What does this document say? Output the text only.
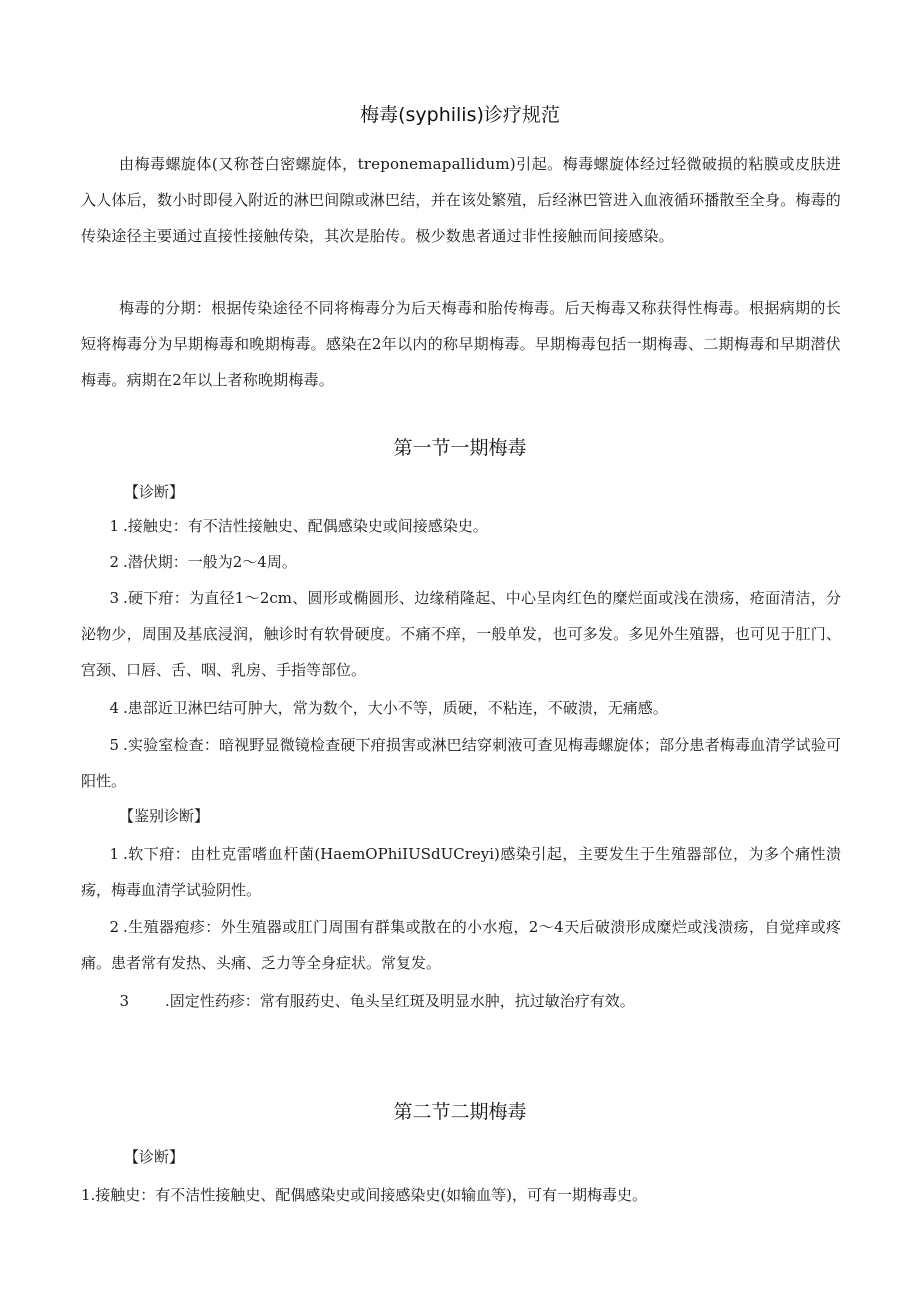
梅毒(syphilis)诊疗规范

由梅毒螺旋体(又称苍白密螺旋体，treponemapallidum)引起。梅毒螺旋体经过轻微破损的粘膜或皮肤进入人体后，数小时即侵入附近的淋巴间隙或淋巴结，并在该处繁殖，后经淋巴管进入血液循环播散至全身。梅毒的传染途径主要通过直接性接触传染，其次是胎传。极少数患者通过非性接触而间接感染。

梅毒的分期：根据传染途径不同将梅毒分为后天梅毒和胎传梅毒。后天梅毒又称获得性梅毒。根据病期的长短将梅毒分为早期梅毒和晚期梅毒。感染在2年以内的称早期梅毒。早期梅毒包括一期梅毒、二期梅毒和早期潜伏梅毒。病期在2年以上者称晚期梅毒。

第一节一期梅毒

【诊断】

1 .接触史：有不洁性接触史、配偶感染史或间接感染史。

2 .潜伏期：一般为2～4周。

3 .硬下疳：为直径1～2cm、圆形或椭圆形、边缘稍隆起、中心呈肉红色的糜烂面或浅在溃疡，疮面清洁，分泌物少，周围及基底浸润，触诊时有软骨硬度。不痛不痒，一般单发，也可多发。多见外生殖器，也可见于肛门、宫颈、口唇、舌、咽、乳房、手指等部位。

4 .患部近卫淋巴结可肿大，常为数个，大小不等，质硬，不粘连，不破溃，无痛感。

5 .实验室检查：暗视野显微镜检查硬下疳损害或淋巴结穿刺液可查见梅毒螺旋体；部分患者梅毒血清学试验可阳性。

【鉴别诊断】

1 .软下疳：由杜克雷嗜血杆菌(HaemOPhiIUSdUCreyi)感染引起，主要发生于生殖器部位，为多个痛性溃疡，梅毒血清学试验阴性。

2 .生殖器疱疹：外生殖器或肛门周围有群集或散在的小水疱，2～4天后破溃形成糜烂或浅溃疡，自觉痒或疼痛。患者常有发热、头痛、乏力等全身症状。常复发。

3 .固定性药疹：常有服药史、龟头呈红斑及明显水肿，抗过敏治疗有效。

第二节二期梅毒

【诊断】

1.接触史：有不洁性接触史、配偶感染史或间接感染史(如输血等)，可有一期梅毒史。
